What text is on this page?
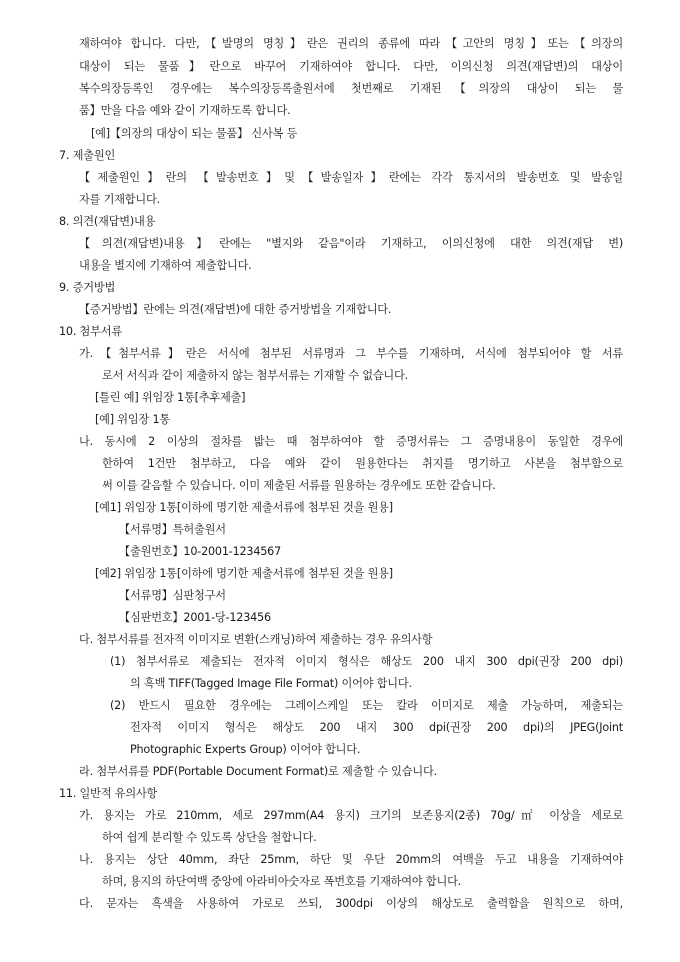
재하여야 합니다. 다만,【발명의 명칭】란은 권리의 종류에 따라【고안의 명칭】또는【의장의
대상이 되는 물품】란으로 바꾸어 기재하여야 합니다. 다만, 이의신청 의견(재답변)의 대상이
복수의장등록인 경우에는 복수의장등록출원서에 첫번째로 기재된【의장의 대상이 되는 물
품】만을 다음 예와 같이 기재하도록 합니다.
[예]【의장의 대상이 되는 물품】 신사복 등
7. 제출원인
【제출원인】란의 【발송번호】및【발송일자】란에는 각각 통지서의 발송번호 및 발송일
자를 기재합니다.
8. 의견(재답변)내용
【의견(재답변)내용】란에는 "별지와 같음"이라 기재하고, 이의신청에 대한 의견(재답 변)
내용을 별지에 기재하여 제출합니다.
9. 증거방법
【증거방법】란에는 의견(재답변)에 대한 증거방법을 기재합니다.
10. 첨부서류
가.【첨부서류】란은 서식에 첨부된 서류명과 그 부수를 기재하며, 서식에 첨부되어야 할 서류
로서 서식과 같이 제출하지 않는 첨부서류는 기재할 수 없습니다.
[틀린 예] 위임장 1통[추후제출]
[예] 위임장 1통
나. 동시에 2 이상의 절차를 밟는 때 첨부하여야 할 증명서류는 그 증명내용이 동일한 경우에
한하여 1건만 첨부하고, 다음 예와 같이 원용한다는 취지를 명기하고 사본을 첨부함으로
써 이를 갈음할 수 있습니다. 이미 제출된 서류를 원용하는 경우에도 또한 같습니다.
[예1] 위임장 1통[이하에 명기한 제출서류에 첨부된 것을 원용]
【서류명】특허출원서
【출원번호】10-2001-1234567
[예2] 위임장 1통[이하에 명기한 제출서류에 첨부된 것을 원용]
【서류명】심판청구서
【심판번호】2001-당-123456
다. 첨부서류를 전자적 이미지로 변환(스캐닝)하여 제출하는 경우 유의사항
(1) 첨부서류로 제출되는 전자적 이미지 형식은 해상도 200 내지 300 dpi(권장 200 dpi)
의 흑백 TIFF(Tagged Image File Format) 이어야 합니다.
(2) 반드시 필요한 경우에는 그레이스케일 또는 칼라 이미지로 제출 가능하며, 제출되는
전자적 이미지 형식은 해상도 200 내지 300 dpi(권장 200 dpi)의 JPEG(Joint
Photographic Experts Group) 이어야 합니다.
라. 첨부서류를 PDF(Portable Document Format)로 제출할 수 있습니다.
11. 일반적 유의사항
가. 용지는 가로 210mm, 세로 297mm(A4 용지) 크기의 보존용지(2종) 70g/㎡ 이상을 세로로
하여 쉽게 분리할 수 있도록 상단을 철합니다.
나. 용지는 상단 40mm, 좌단 25mm, 하단 및 우단 20mm의 여백을 두고 내용을 기재하여야
하며, 용지의 하단여백 중앙에 아라비아숫자로 폭번호를 기재하여야 합니다.
다. 문자는 흑색을 사용하여 가로로 쓰되, 300dpi 이상의 해상도로 출력함을 원칙으로 하며,
